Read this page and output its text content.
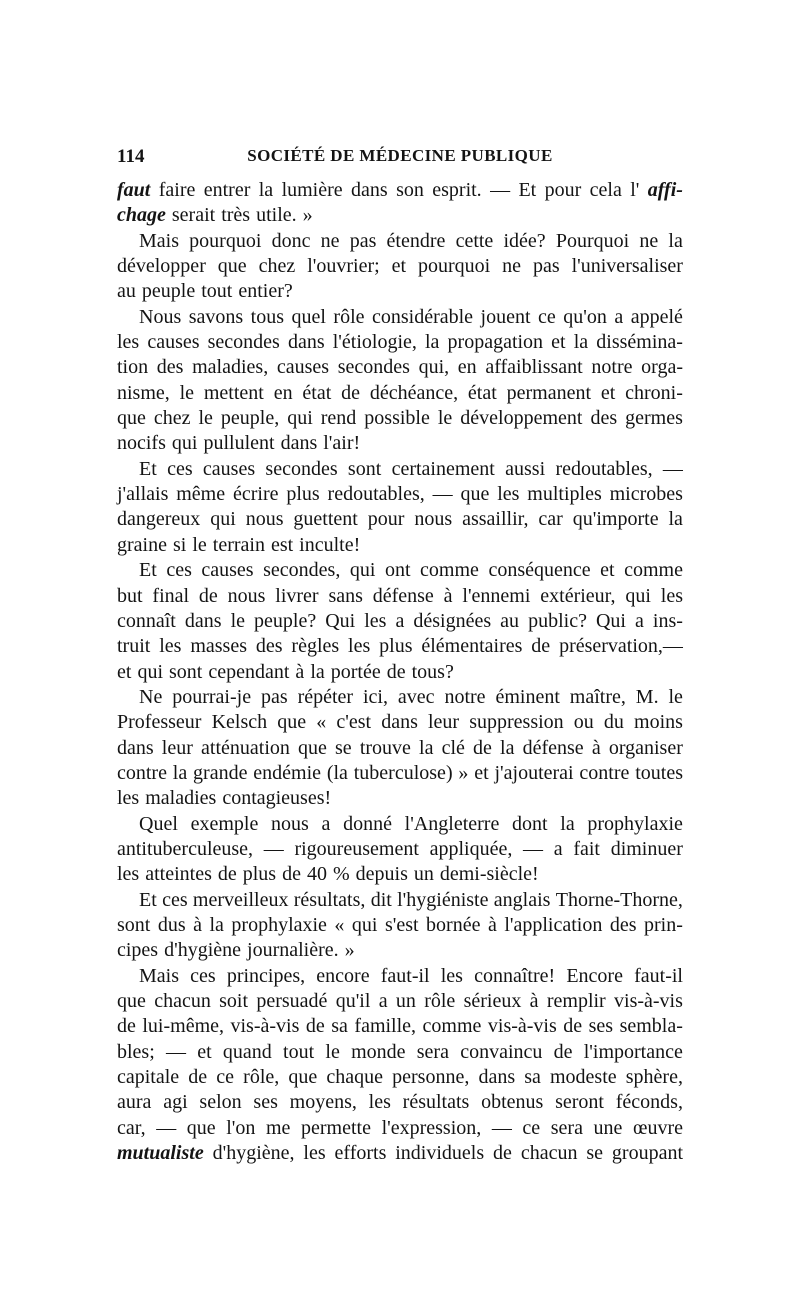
114	SOCIÉTÉ DE MÉDECINE PUBLIQUE
faut faire entrer la lumière dans son esprit. — Et pour cela l' affi-
chage serait très utile. »
Mais pourquoi donc ne pas étendre cette idée? Pourquoi ne la
développer que chez l'ouvrier; et pourquoi ne pas l'universaliser
au peuple tout entier?
Nous savons tous quel rôle considérable jouent ce qu'on a appelé
les causes secondes dans l'étiologie, la propagation et la dissémina-
tion des maladies, causes secondes qui, en affaiblissant notre orga-
nisme, le mettent en état de déchéance, état permanent et chroni-
que chez le peuple, qui rend possible le développement des germes
nocifs qui pullulent dans l'air!
Et ces causes secondes sont certainement aussi redoutables, —
j'allais même écrire plus redoutables, — que les multiples microbes
dangereux qui nous guettent pour nous assaillir, car qu'importe la
graine si le terrain est inculte!
Et ces causes secondes, qui ont comme conséquence et comme
but final de nous livrer sans défense à l'ennemi extérieur, qui les
connaît dans le peuple? Qui les a désignées au public? Qui a ins-
truit les masses des règles les plus élémentaires de préservation,—
et qui sont cependant à la portée de tous?
Ne pourrai-je pas répéter ici, avec notre éminent maître, M. le
Professeur Kelsch que « c'est dans leur suppression ou du moins
dans leur atténuation que se trouve la clé de la défense à organiser
contre la grande endémie (la tuberculose) » et j'ajouterai contre toutes
les maladies contagieuses!
Quel exemple nous a donné l'Angleterre dont la prophylaxie
antituberculeuse, — rigoureusement appliquée, — a fait diminuer
les atteintes de plus de 40 % depuis un demi-siècle!
Et ces merveilleux résultats, dit l'hygiéniste anglais Thorne-Thorne,
sont dus à la prophylaxie « qui s'est bornée à l'application des prin-
cipes d'hygiène journalière. »
Mais ces principes, encore faut-il les connaître! Encore faut-il
que chacun soit persuadé qu'il a un rôle sérieux à remplir vis-à-vis
de lui-même, vis-à-vis de sa famille, comme vis-à-vis de ses sembla-
bles; — et quand tout le monde sera convaincu de l'importance
capitale de ce rôle, que chaque personne, dans sa modeste sphère,
aura agi selon ses moyens, les résultats obtenus seront féconds,
car, — que l'on me permette l'expression, — ce sera une œuvre
mutualiste d'hygiène, les efforts individuels de chacun se groupant
